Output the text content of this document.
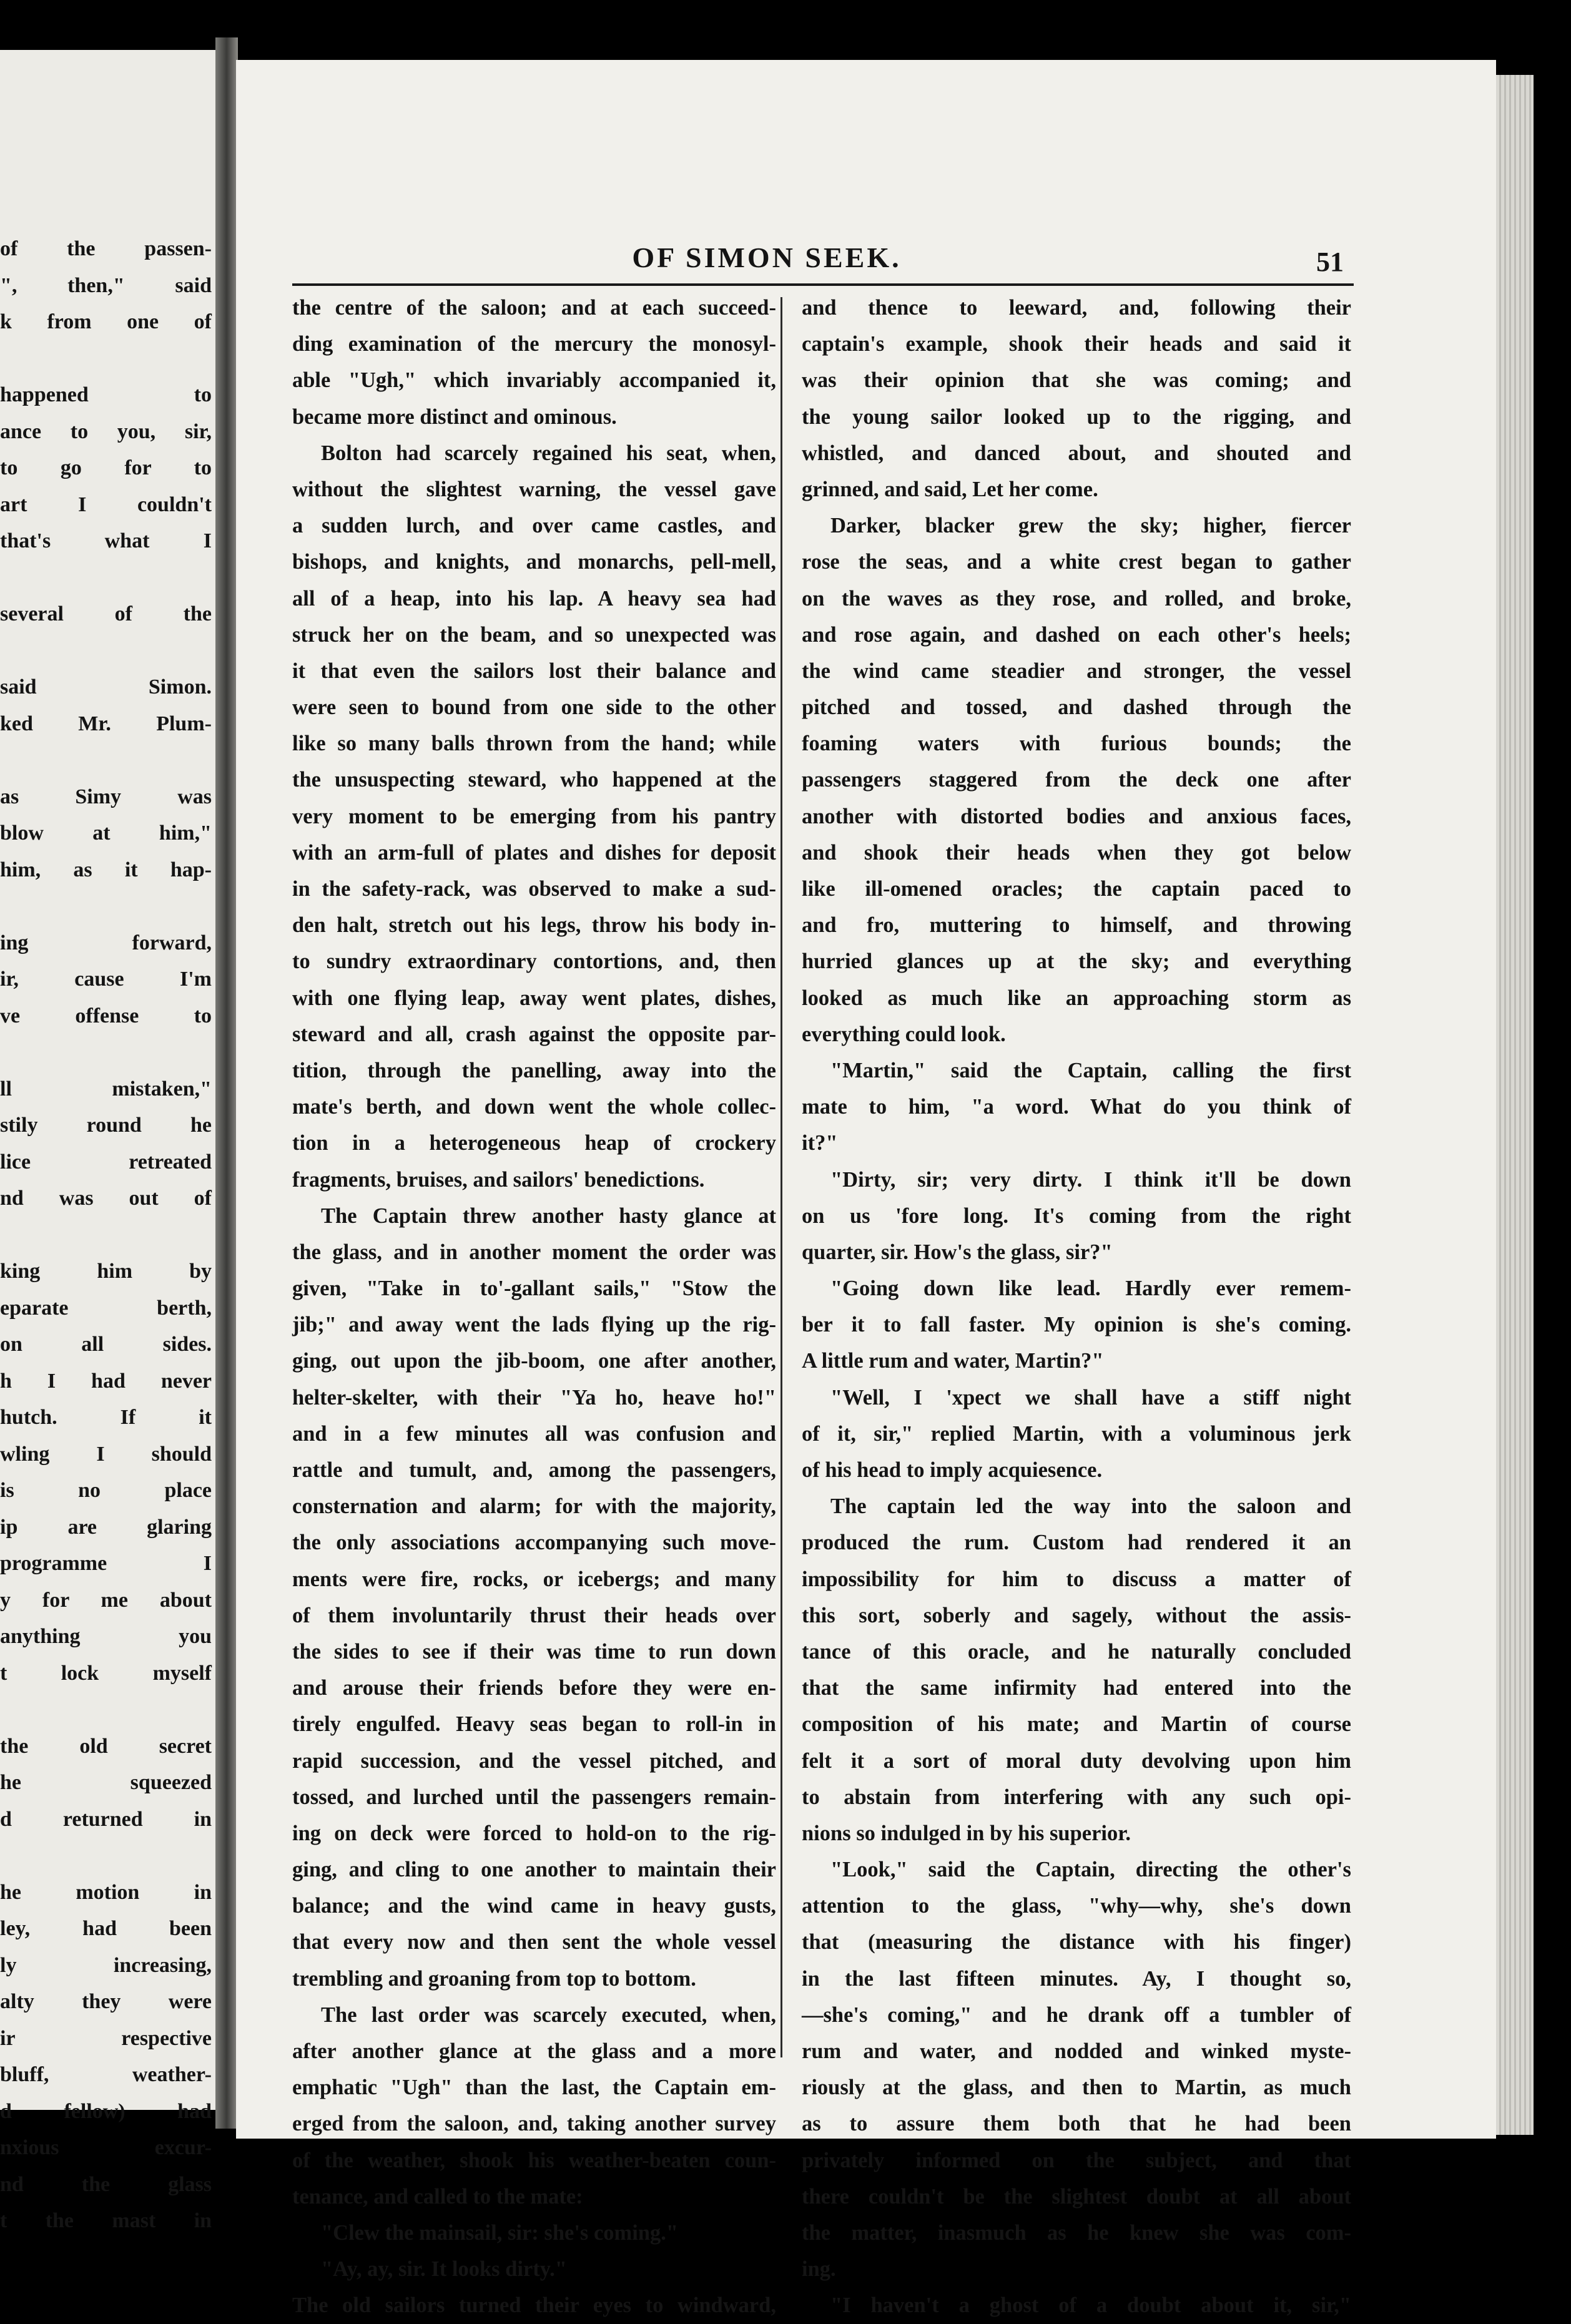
of the passen-
", then," said
k from one of
happened to
ance to you, sir,
to go for to
art I couldn't
that's what I
several of the
said Simon.
ked Mr. Plum-
as Simy was
blow at him,"
him, as it hap-
ing forward,
ir, cause I'm
ve offense to
ll mistaken,"
stily round he
lice retreated
nd was out of
king him by
eparate berth,
on all sides.
h I had never
hutch. If it
wling I should
is no place
ip are glaring
programme I
y for me about
anything you
t lock myself
the old secret
he squeezed
d returned in
he motion in
ley, had been
ly increasing,
alty they were
ir respective
bluff, weather-
d fellow) had
nxious excur-
nd the glass
t the mast in
OF SIMON SEEK.	51
the centre of the saloon; and at each succeed-
ding examination of the mercury the monosyl-
able "Ugh," which invariably accompanied it,
became more distinct and ominous.
Bolton had scarcely regained his seat, when,
without the slightest warning, the vessel gave
a sudden lurch, and over came castles, and
bishops, and knights, and monarchs, pell-mell,
all of a heap, into his lap. A heavy sea had
struck her on the beam, and so unexpected was
it that even the sailors lost their balance and
were seen to bound from one side to the other
like so many balls thrown from the hand; while
the unsuspecting steward, who happened at the
very moment to be emerging from his pantry
with an arm-full of plates and dishes for deposit
in the safety-rack, was observed to make a sud-
den halt, stretch out his legs, throw his body in-
to sundry extraordinary contortions, and, then
with one flying leap, away went plates, dishes,
steward and all, crash against the opposite par-
tition, through the panelling, away into the
mate's berth, and down went the whole collec-
tion in a heterogeneous heap of crockery
fragments, bruises, and sailors' benedictions.
The Captain threw another hasty glance at
the glass, and in another moment the order was
given, "Take in to'-gallant sails," "Stow the
jib;" and away went the lads flying up the rig-
ging, out upon the jib-boom, one after another,
helter-skelter, with their "Ya ho, heave ho!"
and in a few minutes all was confusion and
rattle and tumult, and, among the passengers,
consternation and alarm; for with the majority,
the only associations accompanying such move-
ments were fire, rocks, or icebergs; and many
of them involuntarily thrust their heads over
the sides to see if their was time to run down
and arouse their friends before they were en-
tirely engulfed. Heavy seas began to roll-in in
rapid succession, and the vessel pitched, and
tossed, and lurched until the passengers remain-
ing on deck were forced to hold-on to the rig-
ging, and cling to one another to maintain their
balance; and the wind came in heavy gusts,
that every now and then sent the whole vessel
trembling and groaning from top to bottom.
The last order was scarcely executed, when,
after another glance at the glass and a more
emphatic "Ugh" than the last, the Captain em-
erged from the saloon, and, taking another survey
of the weather, shook his weather-beaten coun-
tenance, and called to the mate:
"Clew the mainsail, sir: she's coming."
"Ay, ay, sir. It looks dirty."
The old sailors turned their eyes to windward,
and thence to leeward, and, following their
captain's example, shook their heads and said it
was their opinion that she was coming; and
the young sailor looked up to the rigging, and
whistled, and danced about, and shouted and
grinned, and said, Let her come.
Darker, blacker grew the sky; higher, fiercer
rose the seas, and a white crest began to gather
on the waves as they rose, and rolled, and broke,
and rose again, and dashed on each other's heels;
the wind came steadier and stronger, the vessel
pitched and tossed, and dashed through the
foaming waters with furious bounds; the
passengers staggered from the deck one after
another with distorted bodies and anxious faces,
and shook their heads when they got below
like ill-omened oracles; the captain paced to
and fro, muttering to himself, and throwing
hurried glances up at the sky; and everything
looked as much like an approaching storm as
everything could look.
"Martin," said the Captain, calling the first
mate to him, "a word. What do you think of
it?"
"Dirty, sir; very dirty. I think it'll be down
on us 'fore long. It's coming from the right
quarter, sir. How's the glass, sir?"
"Going down like lead. Hardly ever remem-
ber it to fall faster. My opinion is she's coming.
A little rum and water, Martin?"
"Well, I 'xpect we shall have a stiff night
of it, sir," replied Martin, with a voluminous jerk
of his head to imply acquiesence.
The captain led the way into the saloon and
produced the rum. Custom had rendered it an
impossibility for him to discuss a matter of
this sort, soberly and sagely, without the assis-
tance of this oracle, and he naturally concluded
that the same infirmity had entered into the
composition of his mate; and Martin of course
felt it a sort of moral duty devolving upon him
to abstain from interfering with any such opi-
nions so indulged in by his superior.
"Look," said the Captain, directing the other's
attention to the glass, "why—why, she's down
that (measuring the distance with his finger)
in the last fifteen minutes. Ay, I thought so,
—she's coming," and he drank off a tumbler of
rum and water, and nodded and winked myste-
riously at the glass, and then to Martin, as much
as to assure them both that he had been
privately informed on the subject, and that
there couldn't be the slightest doubt at all about
the matter, inasmuch as he knew she was com-
ing.
"I haven't a ghost of a doubt about it, sir,"
